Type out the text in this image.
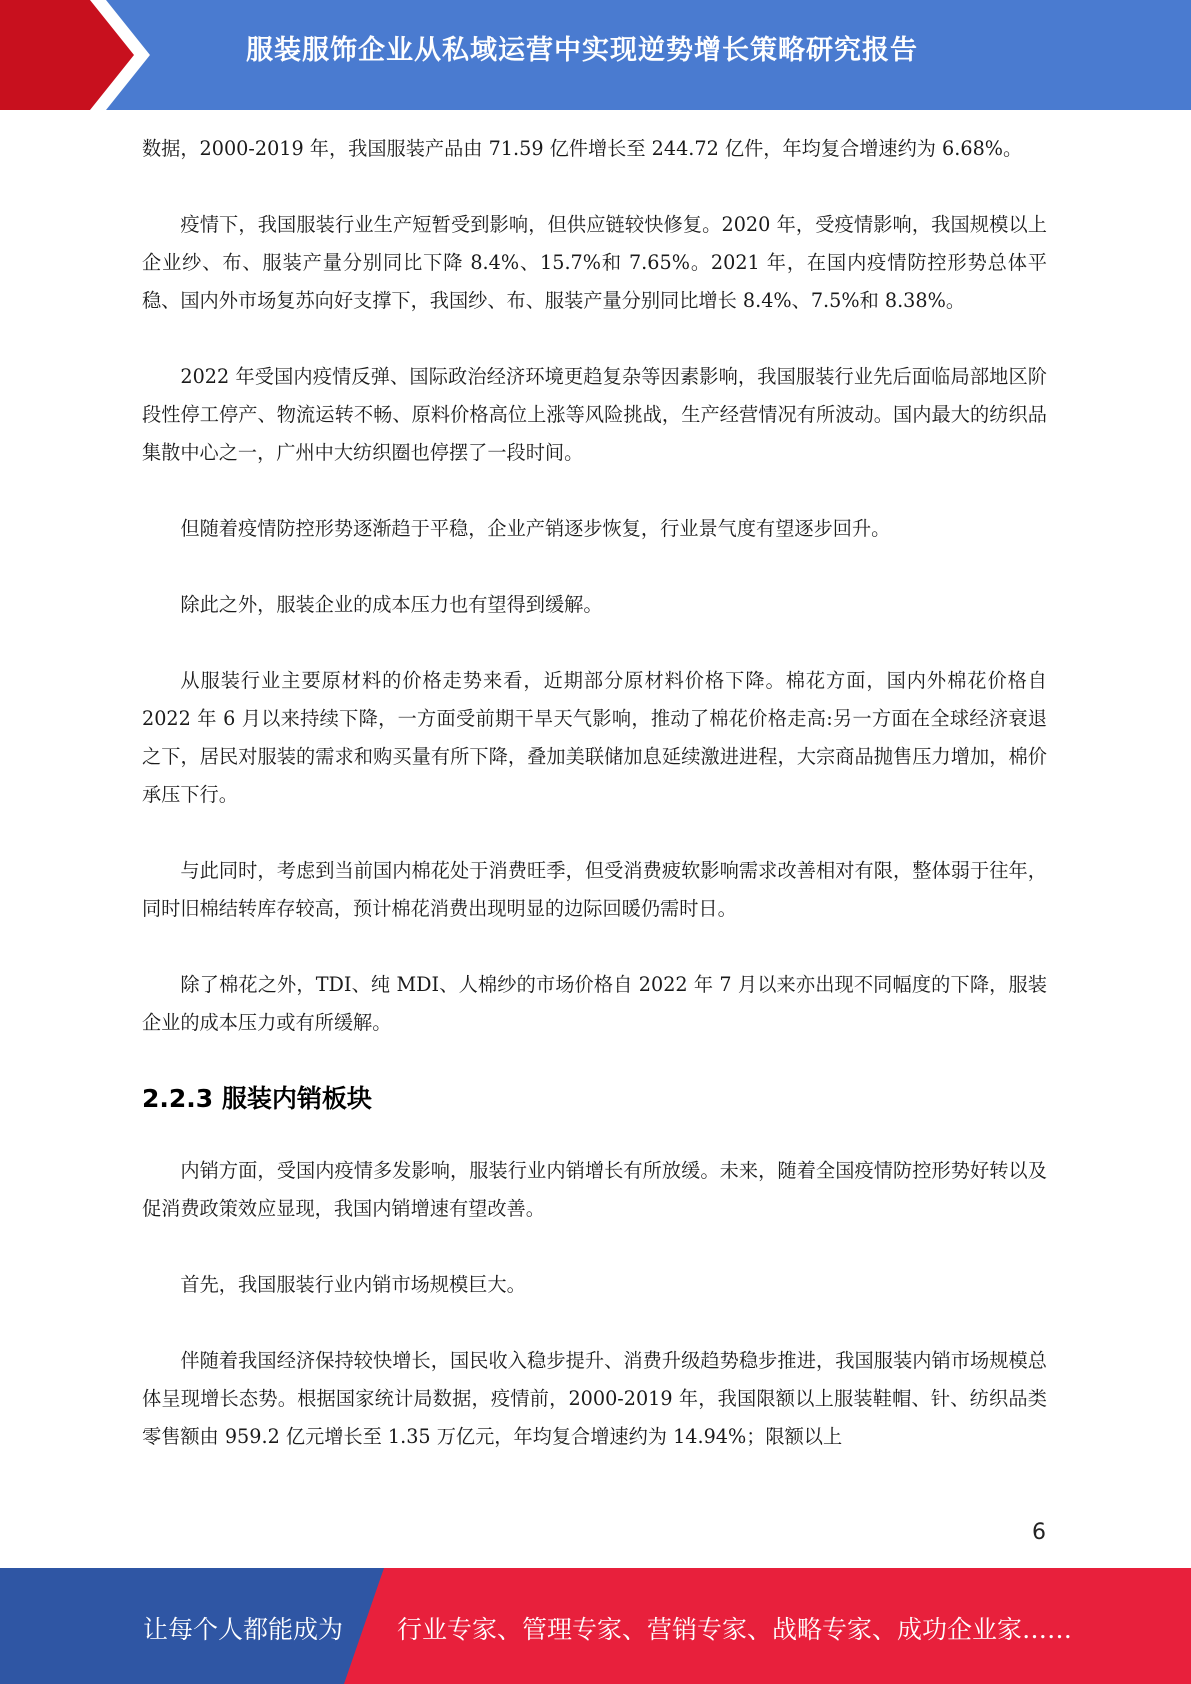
服装服饰企业从私域运营中实现逆势增长策略研究报告

数据，2000-2019 年，我国服装产品由 71.59 亿件增长至 244.72 亿件，年均复合增速约为 6.68%。

疫情下，我国服装行业生产短暂受到影响，但供应链较快修复。2020 年，受疫情影响，我国规模以上企业纱、布、服装产量分别同比下降 8.4%、15.7%和 7.65%。2021 年，在国内疫情防控形势总体平稳、国内外市场复苏向好支撑下，我国纱、布、服装产量分别同比增长 8.4%、7.5%和 8.38%。

2022 年受国内疫情反弹、国际政治经济环境更趋复杂等因素影响，我国服装行业先后面临局部地区阶段性停工停产、物流运转不畅、原料价格高位上涨等风险挑战，生产经营情况有所波动。国内最大的纺织品集散中心之一，广州中大纺织圈也停摆了一段时间。

但随着疫情防控形势逐渐趋于平稳，企业产销逐步恢复，行业景气度有望逐步回升。

除此之外，服装企业的成本压力也有望得到缓解。

从服装行业主要原材料的价格走势来看，近期部分原材料价格下降。棉花方面，国内外棉花价格自 2022 年 6 月以来持续下降，一方面受前期干旱天气影响，推动了棉花价格走高:另一方面在全球经济衰退之下，居民对服装的需求和购买量有所下降，叠加美联储加息延续激进进程，大宗商品抛售压力增加，棉价承压下行。

与此同时，考虑到当前国内棉花处于消费旺季，但受消费疲软影响需求改善相对有限，整体弱于往年，同时旧棉结转库存较高，预计棉花消费出现明显的边际回暖仍需时日。

除了棉花之外，TDI、纯 MDI、人棉纱的市场价格自 2022 年 7 月以来亦出现不同幅度的下降，服装企业的成本压力或有所缓解。

2.2.3 服装内销板块

内销方面，受国内疫情多发影响，服装行业内销增长有所放缓。未来，随着全国疫情防控形势好转以及促消费政策效应显现，我国内销增速有望改善。

首先，我国服装行业内销市场规模巨大。

伴随着我国经济保持较快增长，国民收入稳步提升、消费升级趋势稳步推进，我国服装内销市场规模总体呈现增长态势。根据国家统计局数据，疫情前，2000-2019 年，我国限额以上服装鞋帽、针、纺织品类零售额由 959.2 亿元增长至 1.35 万亿元，年均复合增速约为 14.94%；限额以上

6
让每个人都能成为 行业专家、管理专家、营销专家、战略专家、成功企业家……
